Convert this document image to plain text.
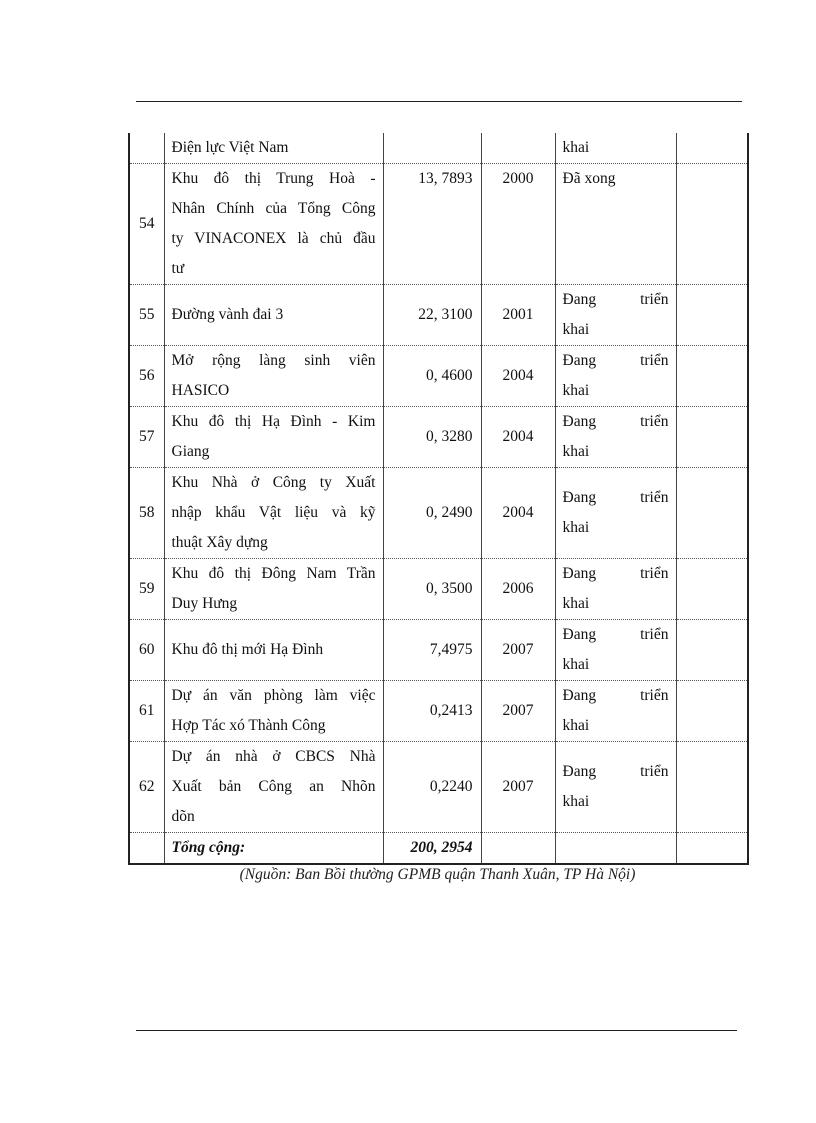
	Điện lực Việt Nam			khai	

54	Khu đô thị Trung Hoà -
Nhân Chính của Tổng Công
ty VINACONEX là chủ đầu
tư	13, 7893	2000	Đã xong	

55	Đường vành đai 3	22, 3100	2001	Đang triển
khai	

56	Mở rộng làng sinh viên
HASICO	0, 4600	2004	Đang triển
khai	

57	Khu đô thị Hạ Đình - Kim
Giang	0, 3280	2004	Đang triển
khai	

58	Khu Nhà ở Công ty Xuất
nhập khẩu Vật liệu và kỹ
thuật Xây dựng	0, 2490	2004	Đang triển
khai	

59	Khu đô thị Đông Nam Trần
Duy Hưng	0, 3500	2006	Đang triển
khai	

60	Khu đô thị mới Hạ Đình	7,4975	2007	Đang triển
khai	

61	Dự án văn phòng làm việc
Hợp Tác xó Thành Công	0,2413	2007	Đang triển
khai	

62	Dự án nhà ở CBCS Nhà
Xuất bản Công an Nhõn
dõn	0,2240	2007	Đang triển
khai	

	Tổng cộng:	200, 2954			
(Nguồn: Ban Bồi thường GPMB quận Thanh Xuân, TP Hà Nội)
